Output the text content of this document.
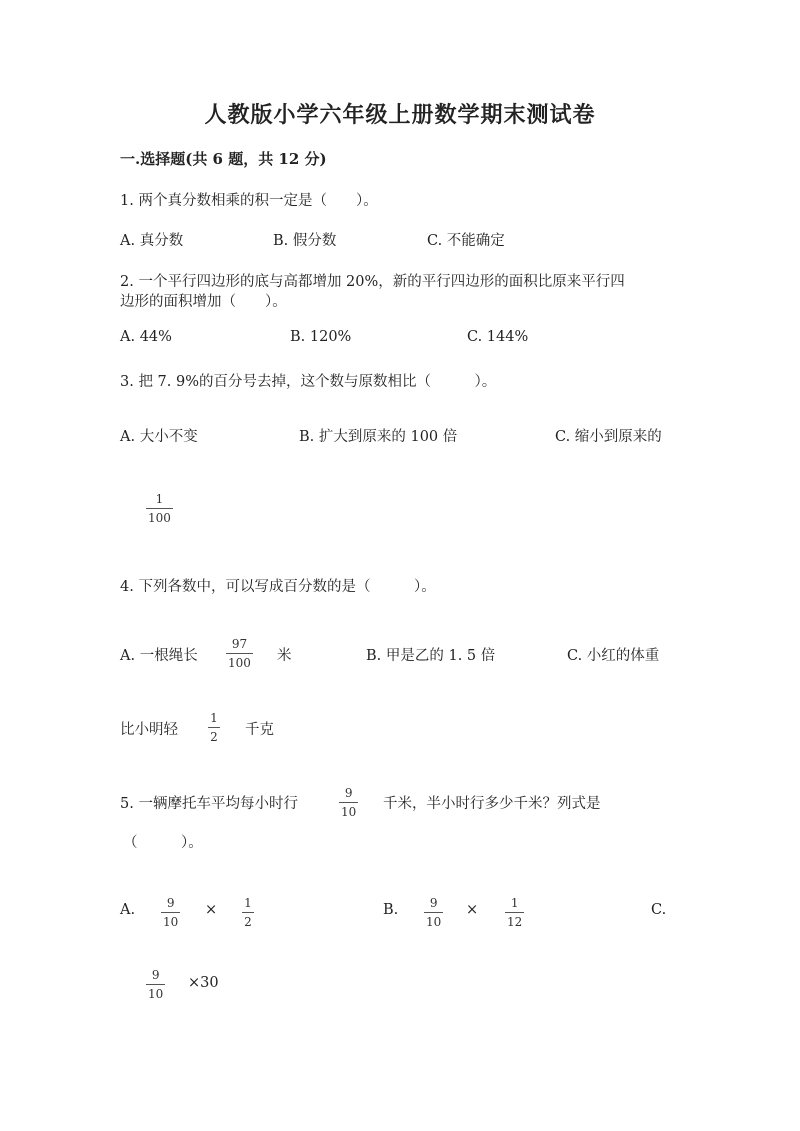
人教版小学六年级上册数学期末测试卷
一.选择题(共 6 题，共 12 分)
1. 两个真分数相乘的积一定是（　　）。
A. 真分数	B. 假分数	C. 不能确定
2. 一个平行四边形的底与高都增加 20%，新的平行四边形的面积比原来平行四
边形的面积增加（　　）。
A. 44%	B. 120%	C. 144%
3. 把 7. 9%的百分号去掉，这个数与原数相比（　　　）。
A. 大小不变	B. 扩大到原来的 100 倍	C. 缩小到原来的
1
100
4. 下列各数中，可以写成百分数的是（　　　）。
A. 一根绳长
97
100 米	B. 甲是乙的 1. 5 倍	C. 小红的体重
比小明轻
1
2 千克
5. 一辆摩托车平均每小时行
9
10 千米，半小时行多少千米？列式是
（　　　）。
A.	9
10
× 1
2
B.	9
10
×	1
12
C.
9
10
×30
